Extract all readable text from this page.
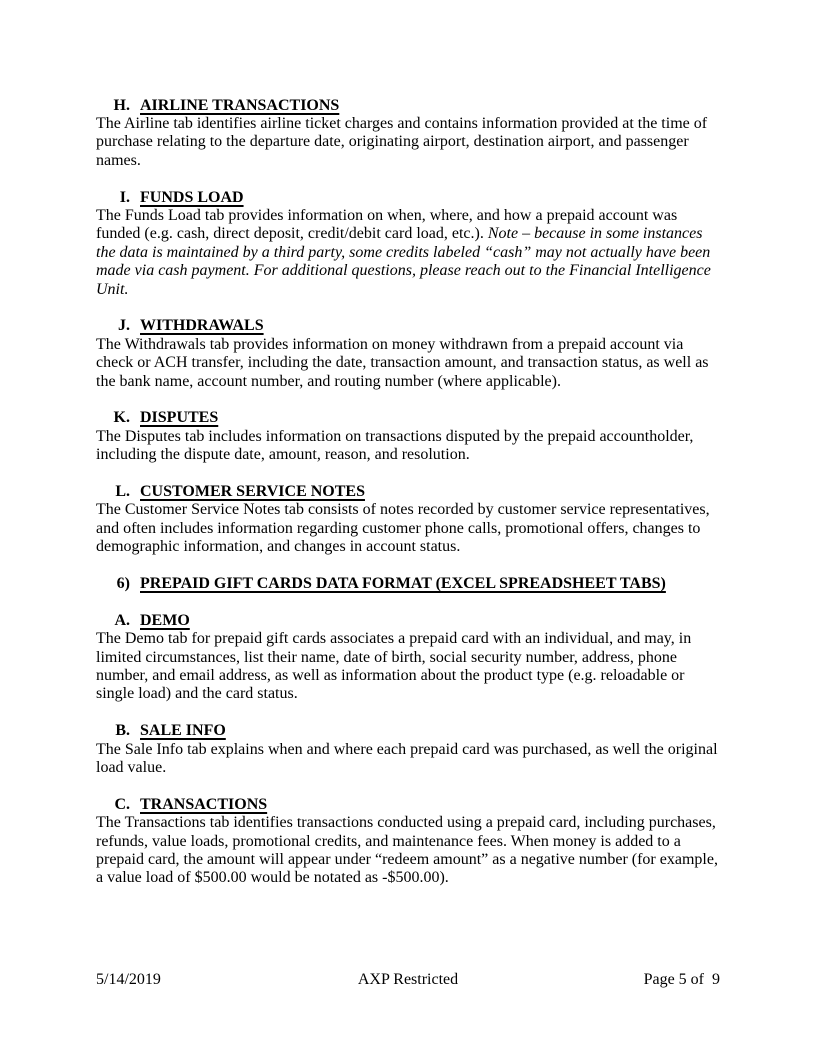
H. AIRLINE TRANSACTIONS

The Airline tab identifies airline ticket charges and contains information provided at the time of purchase relating to the departure date, originating airport, destination airport, and passenger names.

I. FUNDS LOAD

The Funds Load tab provides information on when, where, and how a prepaid account was funded (e.g. cash, direct deposit, credit/debit card load, etc.). Note – because in some instances the data is maintained by a third party, some credits labeled “cash” may not actually have been made via cash payment. For additional questions, please reach out to the Financial Intelligence Unit.

J. WITHDRAWALS

The Withdrawals tab provides information on money withdrawn from a prepaid account via check or ACH transfer, including the date, transaction amount, and transaction status, as well as the bank name, account number, and routing number (where applicable).

K. DISPUTES

The Disputes tab includes information on transactions disputed by the prepaid accountholder, including the dispute date, amount, reason, and resolution.

L. CUSTOMER SERVICE NOTES

The Customer Service Notes tab consists of notes recorded by customer service representatives, and often includes information regarding customer phone calls, promotional offers, changes to demographic information, and changes in account status.

6) PREPAID GIFT CARDS DATA FORMAT (EXCEL SPREADSHEET TABS)

A. DEMO

The Demo tab for prepaid gift cards associates a prepaid card with an individual, and may, in limited circumstances, list their name, date of birth, social security number, address, phone number, and email address, as well as information about the product type (e.g. reloadable or single load) and the card status.

B. SALE INFO

The Sale Info tab explains when and where each prepaid card was purchased, as well the original load value.

C. TRANSACTIONS

The Transactions tab identifies transactions conducted using a prepaid card, including purchases, refunds, value loads, promotional credits, and maintenance fees. When money is added to a prepaid card, the amount will appear under “redeem amount” as a negative number (for example, a value load of $500.00 would be notated as -$500.00).

5/14/2019	AXP Restricted	Page 5 of  9
